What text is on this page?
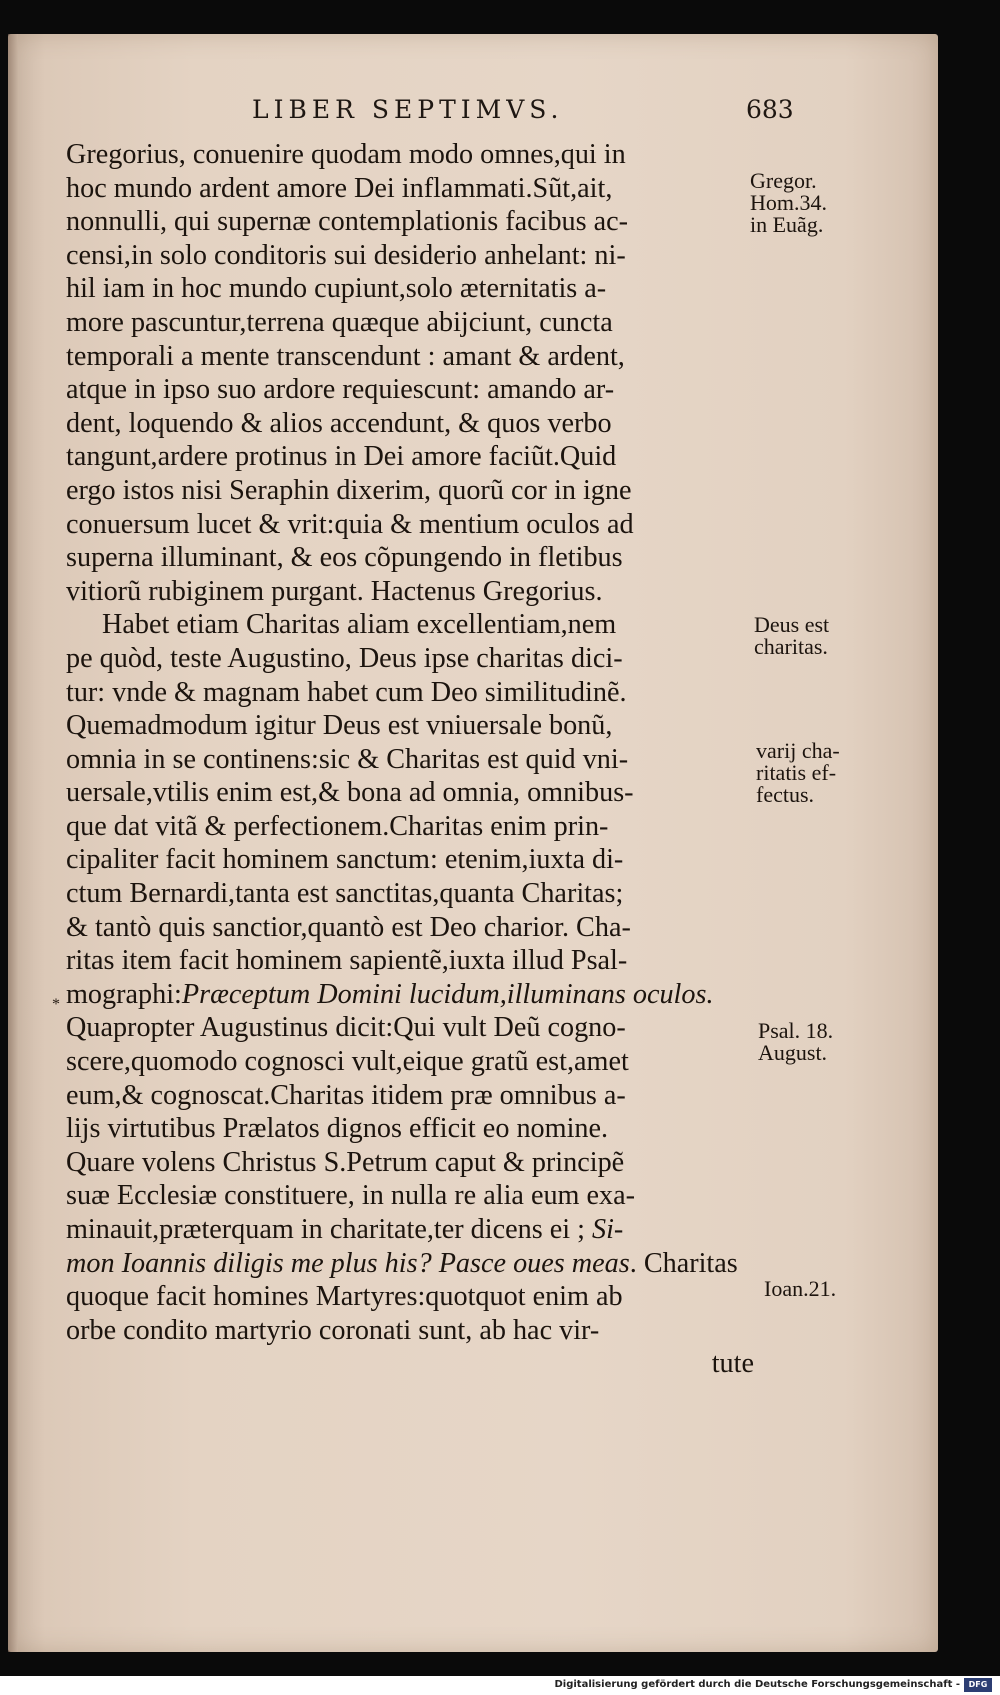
LIBER SEPTIMVS.	683
*
Gregorius, conuenire quodam modo omnes,qui in
hoc mundo ardent amore Dei inflammati.Sũt,ait,
nonnulli, qui supernæ contemplationis facibus ac-
censi,in solo conditoris sui desiderio anhelant: ni-
hil iam in hoc mundo cupiunt,solo æternitatis a-
more pascuntur,terrena quæque abijciunt, cuncta
temporali a mente transcendunt : amant & ardent,
atque in ipso suo ardore requiescunt: amando ar-
dent, loquendo & alios accendunt, & quos verbo
tangunt,ardere protinus in Dei amore faciũt.Quid
ergo istos nisi Seraphin dixerim, quorũ cor in igne
conuersum lucet & vrit:quia & mentium oculos ad
superna illuminant, & eos cõpungendo in fletibus
vitiorũ rubiginem purgant. Hactenus Gregorius.
Habet etiam Charitas aliam excellentiam,nem
pe quòd, teste Augustino, Deus ipse charitas dici-
tur: vnde & magnam habet cum Deo similitudinẽ.
Quemadmodum igitur Deus est vniuersale bonũ,
omnia in se continens:sic & Charitas est quid vni-
uersale,vtilis enim est,& bona ad omnia, omnibus-
que dat vitã & perfectionem.Charitas enim prin-
cipaliter facit hominem sanctum: etenim,iuxta di-
ctum Bernardi,tanta est sanctitas,quanta Charitas;
& tantò quis sanctior,quantò est Deo charior. Cha-
ritas item facit hominem sapientẽ,iuxta illud Psal-
mographi:Præceptum Domini lucidum,illuminans oculos.
Quapropter Augustinus dicit:Qui vult Deũ cogno-
scere,quomodo cognosci vult,eique gratũ est,amet
eum,& cognoscat.Charitas itidem præ omnibus a-
lijs virtutibus Prælatos dignos efficit eo nomine.
Quare volens Christus S.Petrum caput & principẽ
suæ Ecclesiæ constituere, in nulla re alia eum exa-
minauit,præterquam in charitate,ter dicens ei ; Si-
mon Ioannis diligis me plus his? Pasce oues meas. Charitas
quoque facit homines Martyres:quotquot enim ab
orbe condito martyrio coronati sunt, ab hac vir-
tute
Gregor.
Hom.34.
in Euãg.
Deus est
charitas.
varij cha-
ritatis ef-
fectus.
Psal. 18.
August.
Ioan.21.
Digitalisierung gefördert durch die Deutsche Forschungsgemeinschaft -	DFG
